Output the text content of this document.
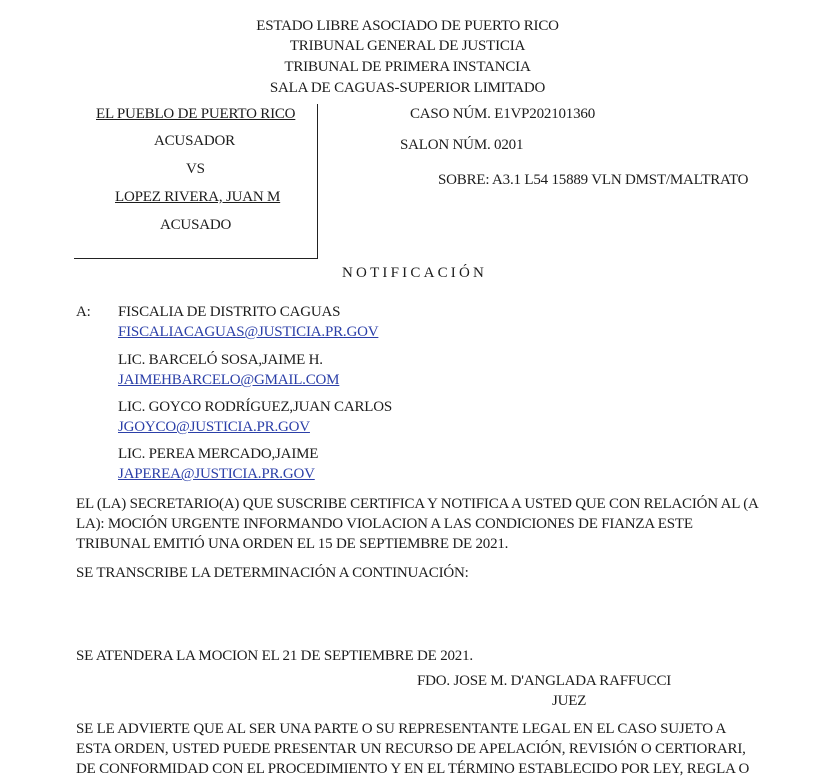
ESTADO LIBRE ASOCIADO DE PUERTO RICO
TRIBUNAL GENERAL DE JUSTICIA
TRIBUNAL DE PRIMERA INSTANCIA
SALA DE CAGUAS-SUPERIOR LIMITADO
EL PUEBLO DE PUERTO RICO
ACUSADOR
VS
LOPEZ RIVERA, JUAN M
ACUSADO
CASO NÚM. E1VP202101360
SALON NÚM. 0201
SOBRE: A3.1 L54 15889 VLN DMST/MALTRATO
NOTIFICACIÓN
A: FISCALIA DE DISTRITO CAGUAS
FISCALIACAGUAS@JUSTICIA.PR.GOV
LIC. BARCELÓ SOSA,JAIME H.
JAIMEHBARCELO@GMAIL.COM
LIC. GOYCO RODRÍGUEZ,JUAN CARLOS
JGOYCO@JUSTICIA.PR.GOV
LIC. PEREA MERCADO,JAIME
JAPEREA@JUSTICIA.PR.GOV
EL (LA) SECRETARIO(A) QUE SUSCRIBE CERTIFICA Y NOTIFICA A USTED QUE CON RELACIÓN AL (A
LA): MOCIÓN URGENTE INFORMANDO VIOLACION A LAS CONDICIONES DE FIANZA ESTE
TRIBUNAL EMITIÓ UNA ORDEN EL 15 DE SEPTIEMBRE DE 2021.
SE TRANSCRIBE LA DETERMINACIÓN A CONTINUACIÓN:
SE ATENDERA LA MOCION EL 21 DE SEPTIEMBRE DE 2021.
FDO. JOSE M. D'ANGLADA RAFFUCCI
JUEZ
SE LE ADVIERTE QUE AL SER UNA PARTE O SU REPRESENTANTE LEGAL EN EL CASO SUJETO A
ESTA ORDEN, USTED PUEDE PRESENTAR UN RECURSO DE APELACIÓN, REVISIÓN O CERTIORARI,
DE CONFORMIDAD CON EL PROCEDIMIENTO Y EN EL TÉRMINO ESTABLECIDO POR LEY, REGLA O
